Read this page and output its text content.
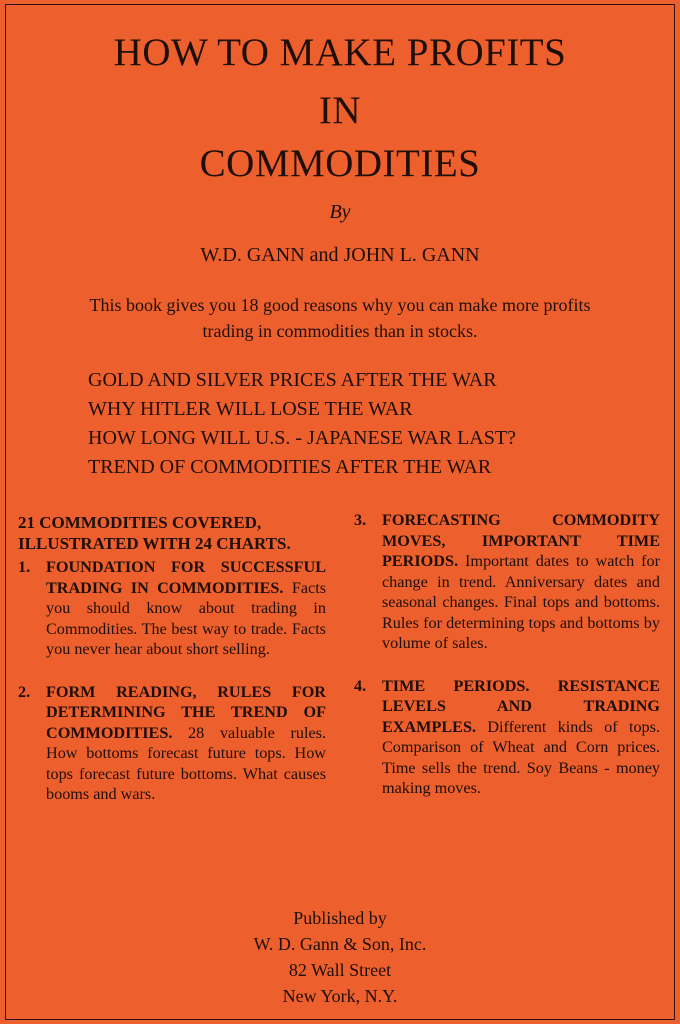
HOW TO MAKE PROFITS
IN
COMMODITIES
By
W.D. GANN and JOHN L. GANN
This book gives you 18 good reasons why you can make more profits
trading in commodities than in stocks.
GOLD AND SILVER PRICES AFTER THE WAR
WHY HITLER WILL LOSE THE WAR
HOW LONG WILL U.S. - JAPANESE WAR LAST?
TREND OF COMMODITIES AFTER THE WAR
21 COMMODITIES COVERED,
ILLUSTRATED WITH 24 CHARTS.
1. FOUNDATION FOR SUCCESSFUL TRADING IN COMMODITIES. Facts you should know about trading in Commodities. The best way to trade. Facts you never hear about short selling.
2. FORM READING, RULES FOR DETERMINING THE TREND OF COMMODITIES. 28 valuable rules. How bottoms forecast future tops. How tops forecast future bottoms. What causes booms and wars.
3. FORECASTING COMMODITY MOVES, IMPORTANT TIME PERIODS. Important dates to watch for change in trend. Anniversary dates and seasonal changes. Final tops and bottoms. Rules for determining tops and bottoms by volume of sales.
4. TIME PERIODS. RESISTANCE LEVELS AND TRADING EXAMPLES. Different kinds of tops. Comparison of Wheat and Corn prices. Time sells the trend. Soy Beans - money making moves.
Published by
W. D. Gann & Son, Inc.
82 Wall Street
New York, N.Y.
